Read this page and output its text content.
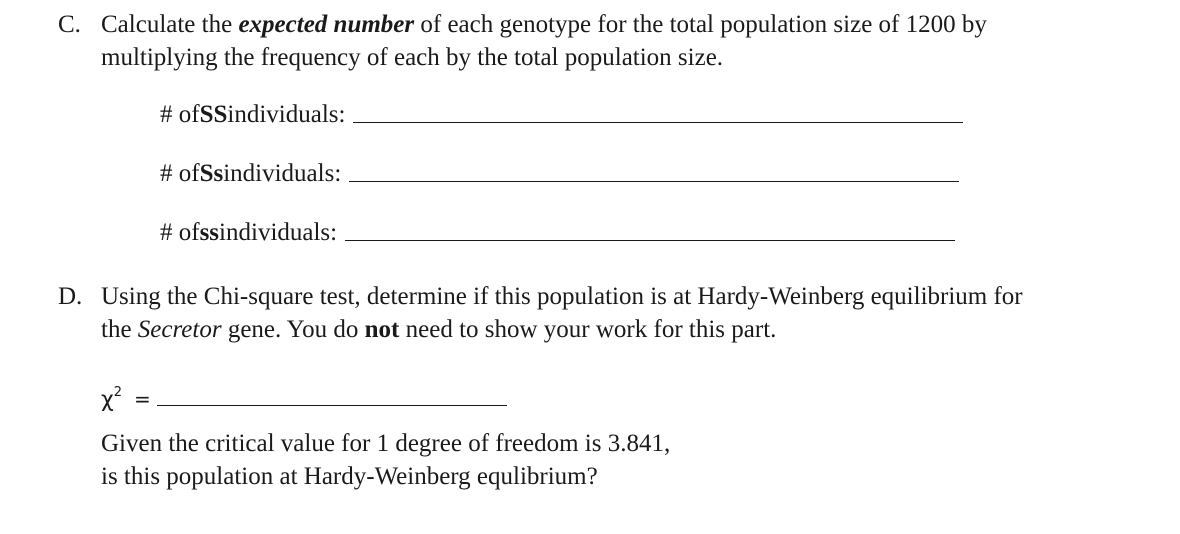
C. Calculate the expected number of each genotype for the total population size of 1200 by
multiplying the frequency of each by the total population size.
# of SS individuals:
# of Ss individuals:
# of ss individuals:
D. Using the Chi-square test, determine if this population is at Hardy-Weinberg equilibrium for
the Secretor gene. You do not need to show your work for this part.
$\chi^2$ =
Given the critical value for 1 degree of freedom is 3.841,
is this population at Hardy-Weinberg equlibrium?
